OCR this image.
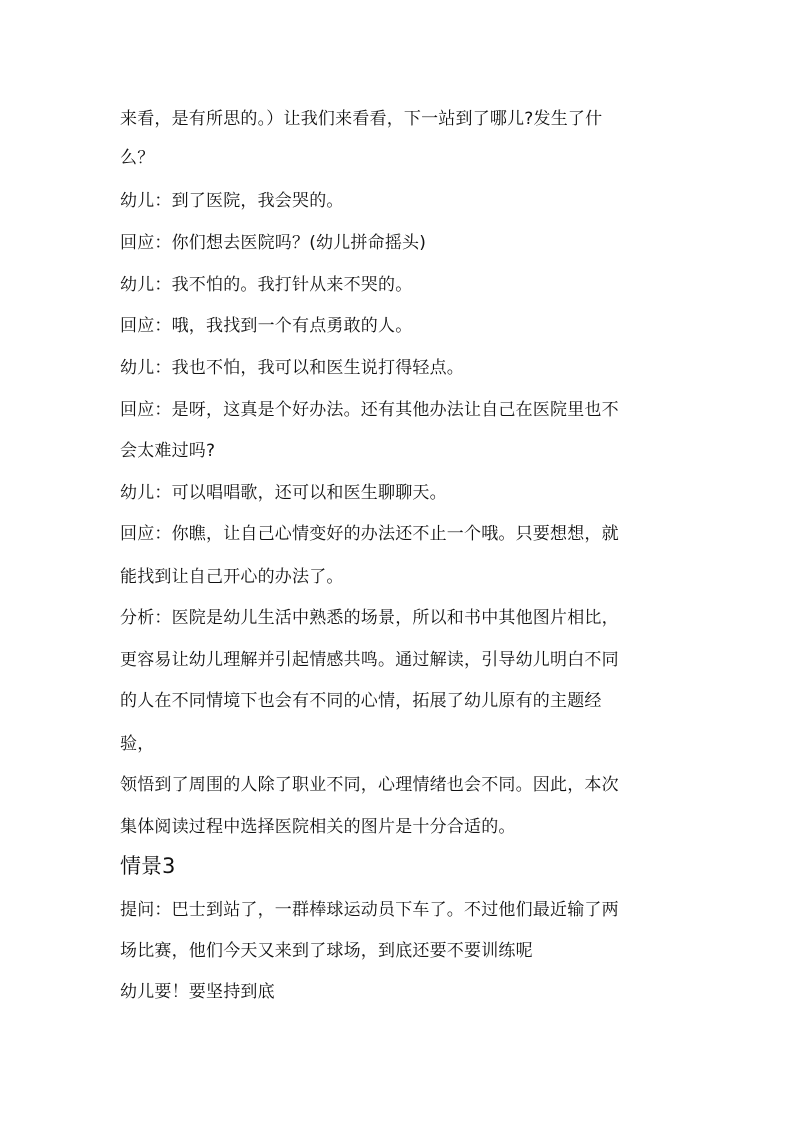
来看，是有所思的。）让我们来看看，下一站到了哪儿?发生了什
么？
幼儿：到了医院，我会哭的。
回应：你们想去医院吗？(幼儿拼命摇头)
幼儿：我不怕的。我打针从来不哭的。
回应：哦，我找到一个有点勇敢的人。
幼儿：我也不怕，我可以和医生说打得轻点。
回应：是呀，这真是个好办法。还有其他办法让自己在医院里也不
会太难过吗?
幼儿：可以唱唱歌，还可以和医生聊聊天。
回应：你瞧，让自己心情变好的办法还不止一个哦。只要想想，就
能找到让自己开心的办法了。
分析：医院是幼儿生活中熟悉的场景，所以和书中其他图片相比，
更容易让幼儿理解并引起情感共鸣。通过解读，引导幼儿明白不同
的人在不同情境下也会有不同的心情，拓展了幼儿原有的主题经
验，
领悟到了周围的人除了职业不同，心理情绪也会不同。因此，本次
集体阅读过程中选择医院相关的图片是十分合适的。
情景3
提问：巴士到站了，一群棒球运动员下车了。不过他们最近输了两
场比赛，他们今天又来到了球场，到底还要不要训练呢
幼儿要！要坚持到底
